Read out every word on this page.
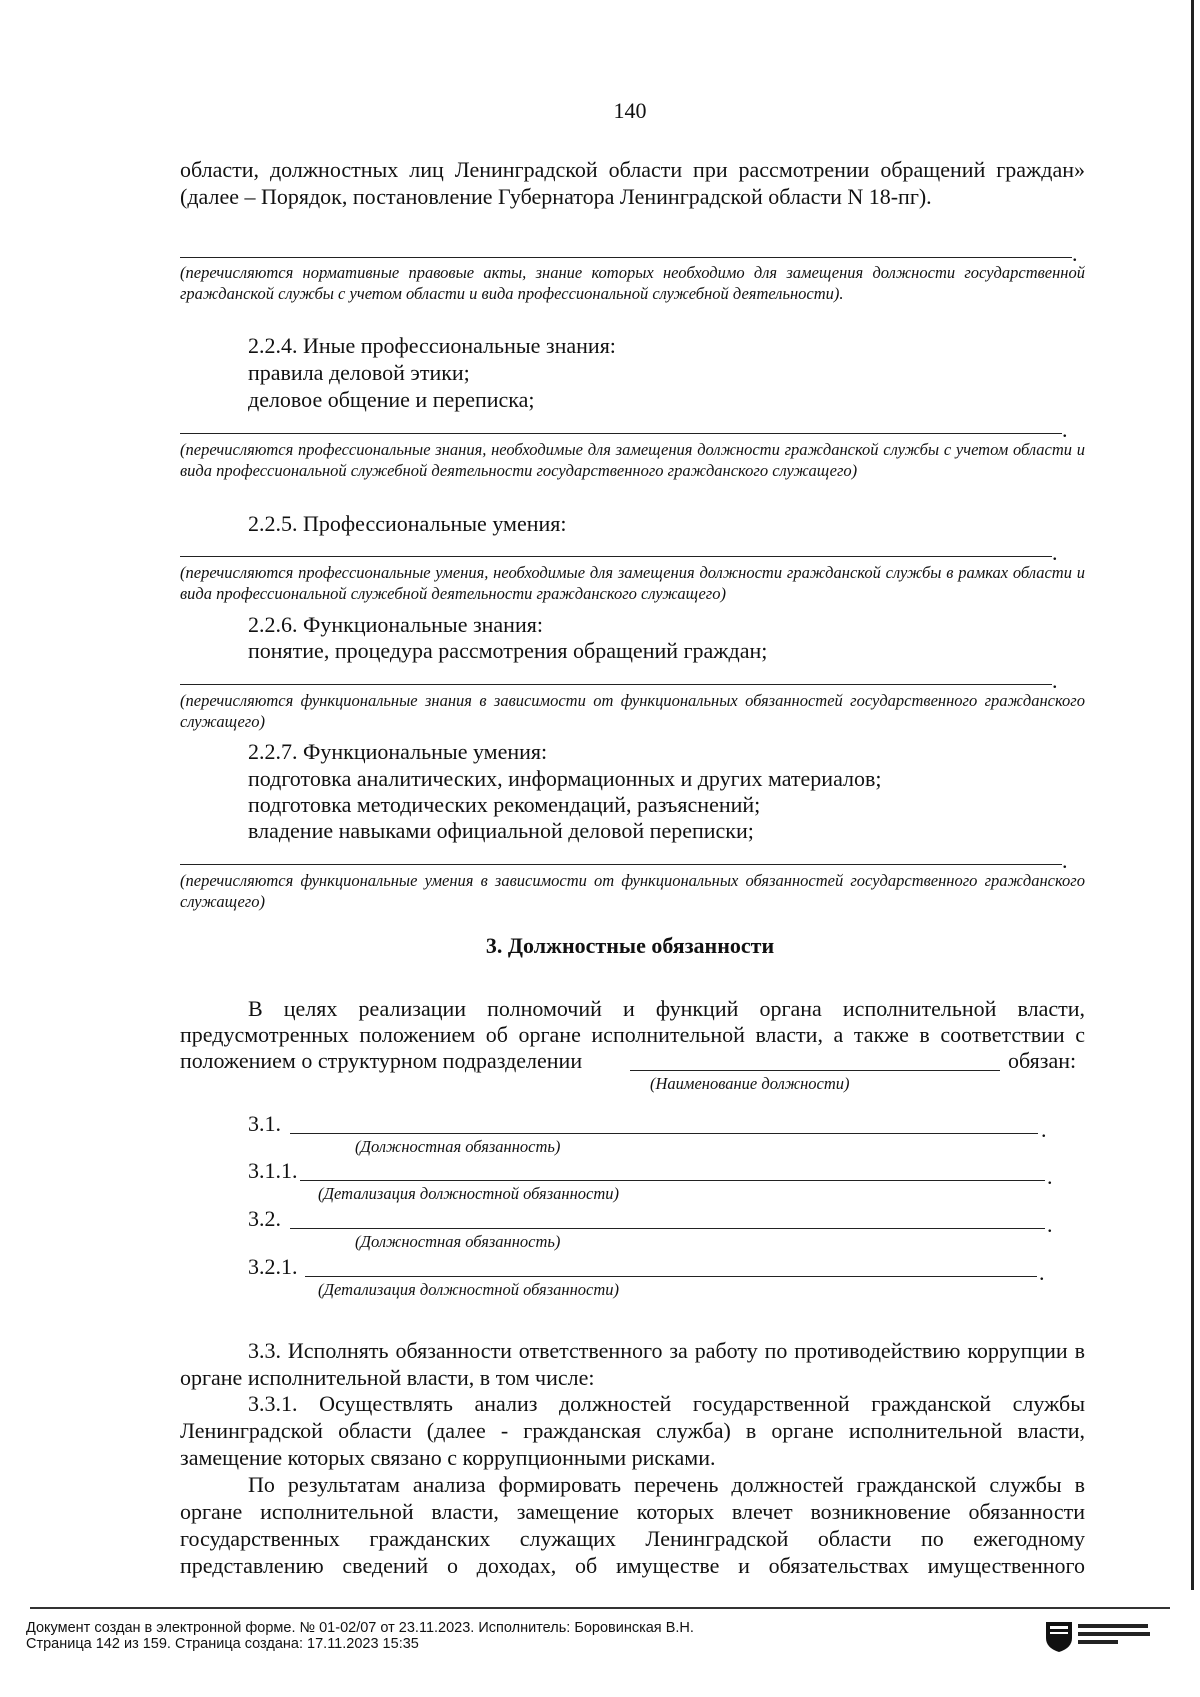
140
области, должностных лиц Ленинградской области при рассмотрении обращений граждан» (далее – Порядок, постановление Губернатора Ленинградской области N 18-пг).
.
(перечисляются нормативные правовые акты, знание которых необходимо для замещения должности государственной гражданской службы с учетом области и вида профессиональной служебной деятельности).
2.2.4. Иные профессиональные знания:
правила деловой этики;
деловое общение и переписка;
.
(перечисляются профессиональные знания, необходимые для замещения должности гражданской службы с учетом области и вида профессиональной служебной деятельности государственного гражданского служащего)
2.2.5. Профессиональные умения:
.
(перечисляются профессиональные умения, необходимые для замещения должности гражданской службы в рамках области и вида профессиональной служебной деятельности гражданского служащего)
2.2.6. Функциональные знания:
понятие, процедура рассмотрения обращений граждан;
.
(перечисляются функциональные знания в зависимости от функциональных обязанностей государственного гражданского служащего)
2.2.7. Функциональные умения:
подготовка аналитических, информационных и других материалов;
подготовка методических рекомендаций, разъяснений;
владение навыками официальной деловой переписки;
.
(перечисляются функциональные умения в зависимости от функциональных обязанностей государственного гражданского служащего)
3. Должностные обязанности
В целях реализации полномочий и функций органа исполнительной власти,
предусмотренных положением об органе исполнительной власти, а также в соответствии с
положением о структурном подразделении	обязан:
(Наименование должности)
3.1.	.
(Должностная обязанность)
3.1.1.	.
(Детализация должностной обязанности)
3.2.	.
(Должностная обязанность)
3.2.1.	.
(Детализация должностной обязанности)
3.3. Исполнять обязанности ответственного за работу по противодействию коррупции в органе исполнительной власти, в том числе:
3.3.1. Осуществлять анализ должностей государственной гражданской службы Ленинградской области (далее - гражданская служба) в органе исполнительной власти, замещение которых связано с коррупционными рисками.
По результатам анализа формировать перечень должностей гражданской службы в органе исполнительной власти, замещение которых влечет возникновение обязанности государственных гражданских служащих Ленинградской области по ежегодному представлению сведений о доходах, об имуществе и обязательствах имущественного
Документ создан в электронной форме. № 01-02/07 от 23.11.2023. Исполнитель: Боровинская В.Н.
Страница 142 из 159. Страница создана: 17.11.2023 15:35
